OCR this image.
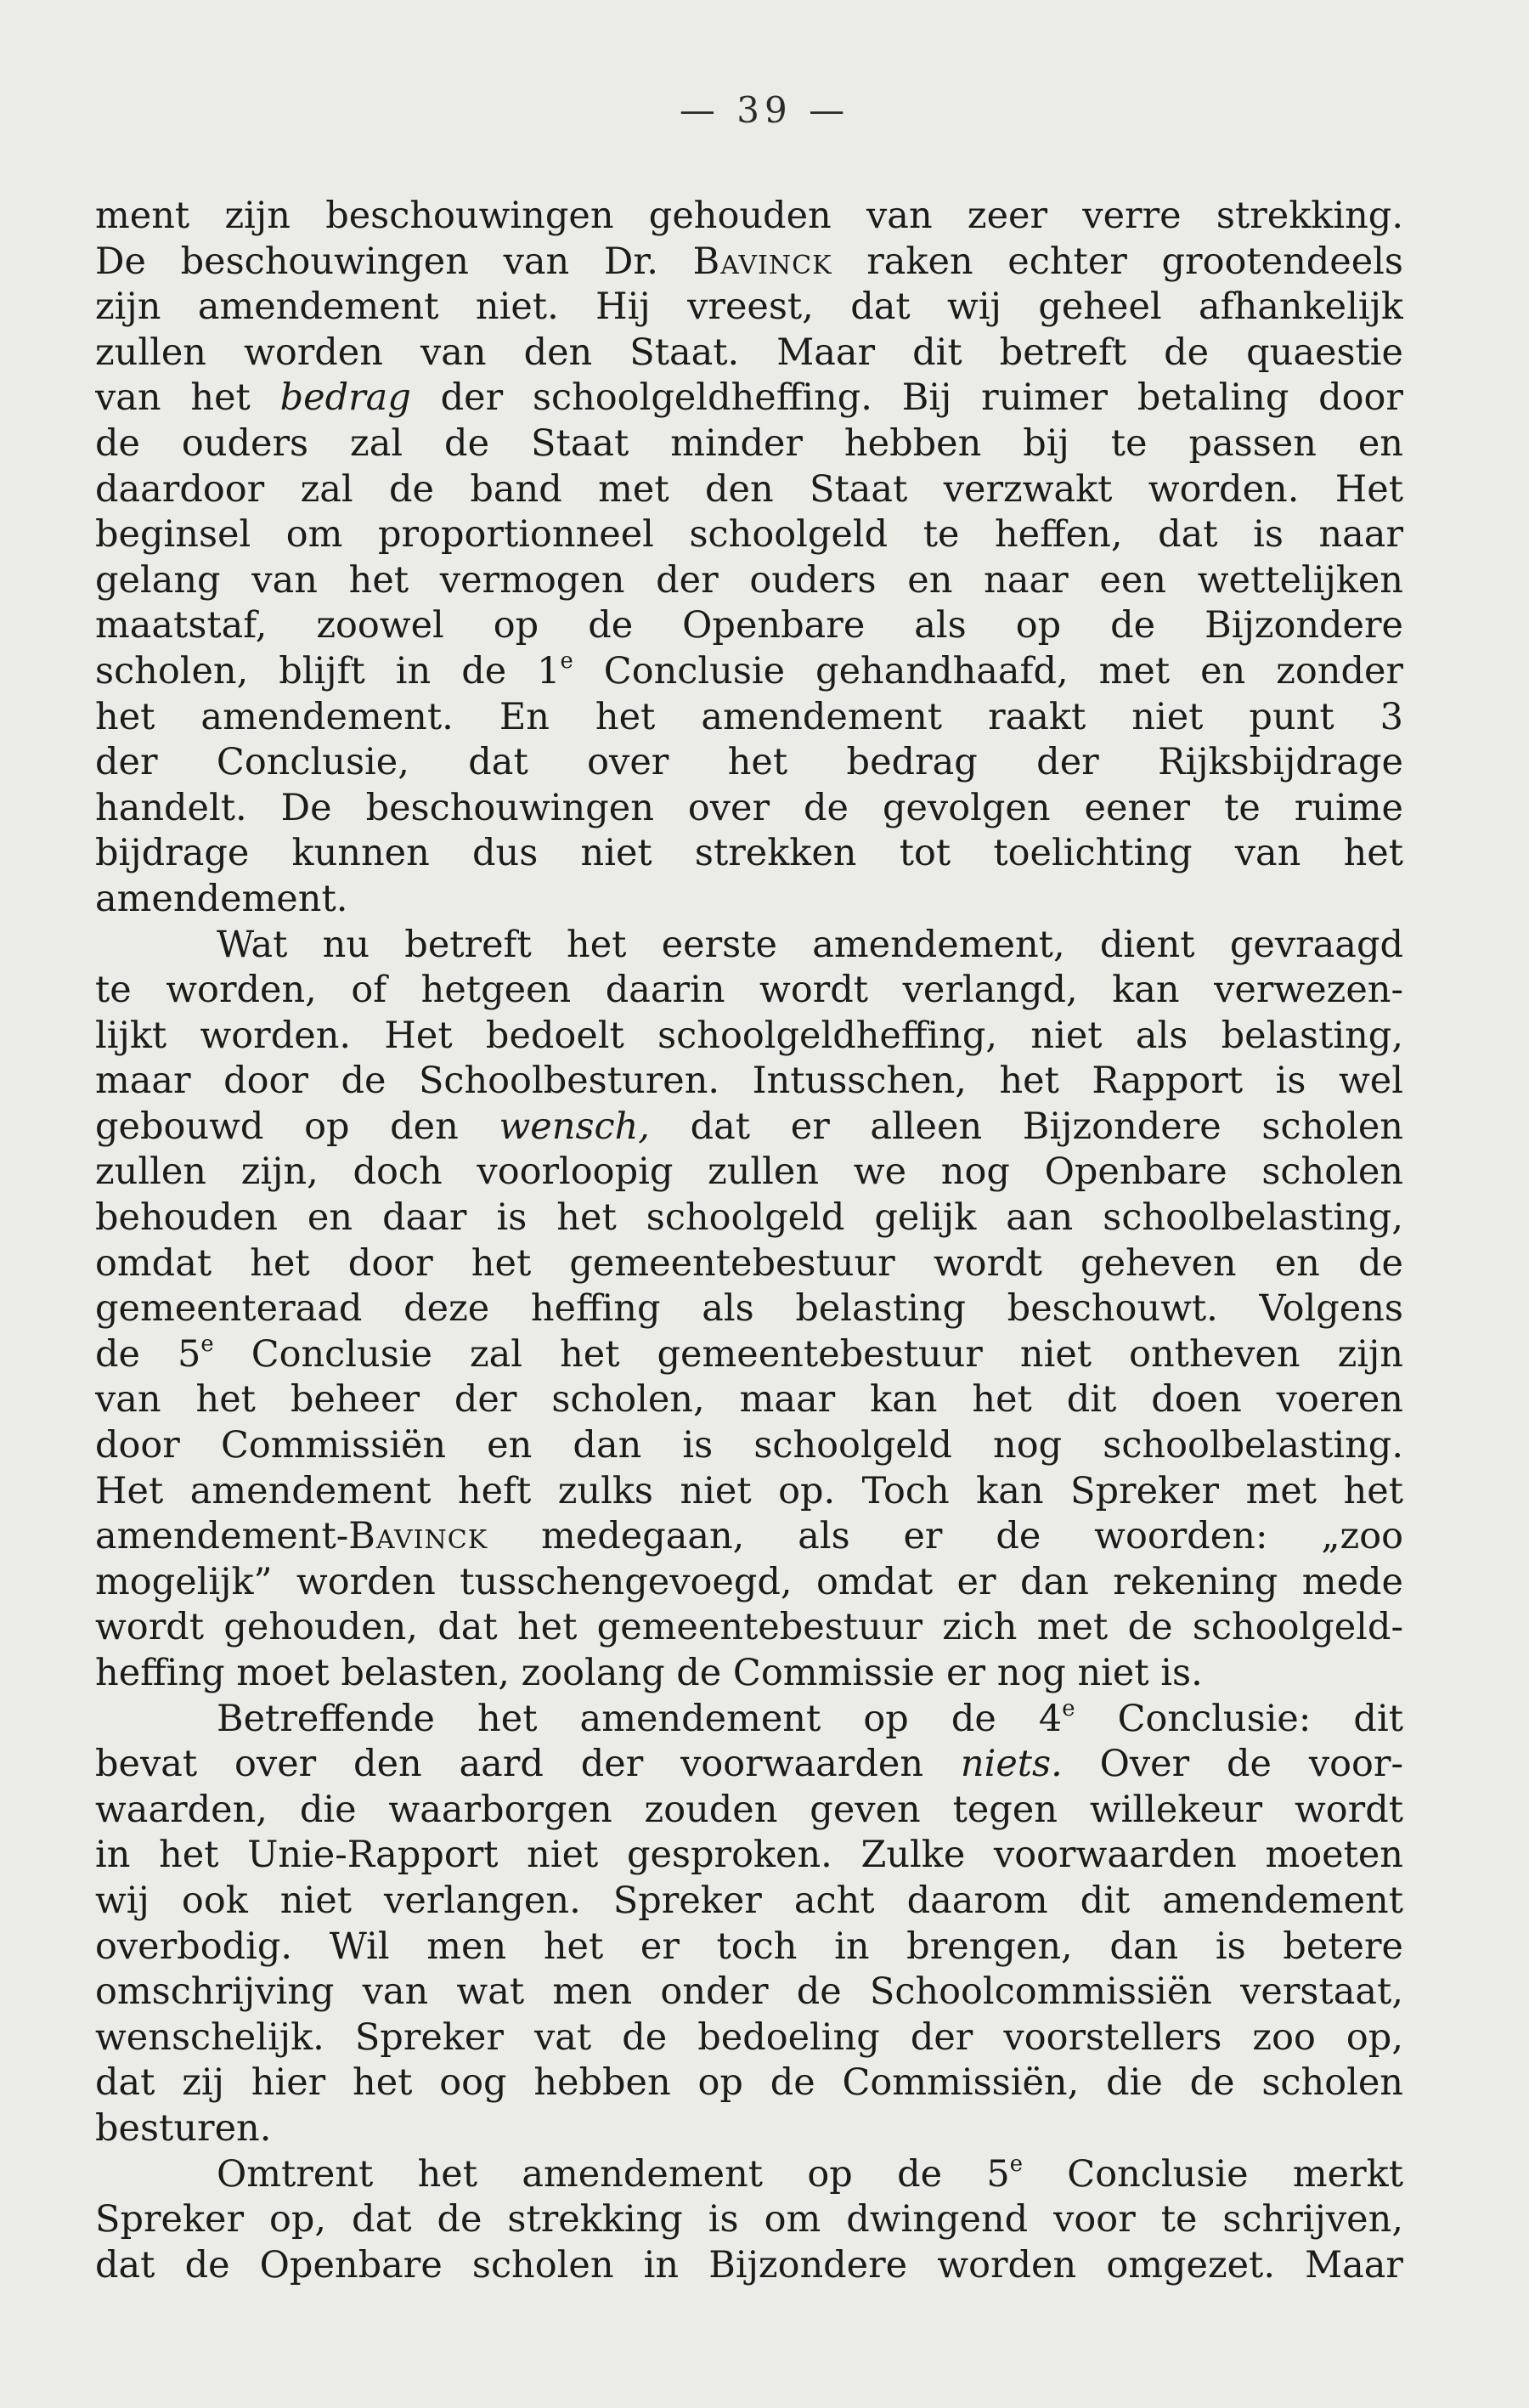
— 39 —
ment zijn beschouwingen gehouden van zeer verre strekking.
De beschouwingen van Dr. Bavinck raken echter grootendeels
zijn amendement niet. Hij vreest, dat wij geheel afhankelijk
zullen worden van den Staat. Maar dit betreft de quaestie
van het bedrag der schoolgeldheffing. Bij ruimer betaling door
de ouders zal de Staat minder hebben bij te passen en
daardoor zal de band met den Staat verzwakt worden. Het
beginsel om proportionneel schoolgeld te heffen, dat is naar
gelang van het vermogen der ouders en naar een wettelijken
maatstaf, zoowel op de Openbare als op de Bijzondere
scholen, blijft in de 1e Conclusie gehandhaafd, met en zonder
het amendement. En het amendement raakt niet punt 3
der Conclusie, dat over het bedrag der Rijksbijdrage
handelt. De beschouwingen over de gevolgen eener te ruime
bijdrage kunnen dus niet strekken tot toelichting van het
amendement.
Wat nu betreft het eerste amendement, dient gevraagd
te worden, of hetgeen daarin wordt verlangd, kan verwezen-
lijkt worden. Het bedoelt schoolgeldheffing, niet als belasting,
maar door de Schoolbesturen. Intusschen, het Rapport is wel
gebouwd op den wensch, dat er alleen Bijzondere scholen
zullen zijn, doch voorloopig zullen we nog Openbare scholen
behouden en daar is het schoolgeld gelijk aan schoolbelasting,
omdat het door het gemeentebestuur wordt geheven en de
gemeenteraad deze heffing als belasting beschouwt. Volgens
de 5e Conclusie zal het gemeentebestuur niet ontheven zijn
van het beheer der scholen, maar kan het dit doen voeren
door Commissiën en dan is schoolgeld nog schoolbelasting.
Het amendement heft zulks niet op. Toch kan Spreker met het
amendement-Bavinck medegaan, als er de woorden: „zoo
mogelijk” worden tusschengevoegd, omdat er dan rekening mede
wordt gehouden, dat het gemeentebestuur zich met de schoolgeld-
heffing moet belasten, zoolang de Commissie er nog niet is.
Betreffende het amendement op de 4e Conclusie: dit
bevat over den aard der voorwaarden niets. Over de voor-
waarden, die waarborgen zouden geven tegen willekeur wordt
in het Unie-Rapport niet gesproken. Zulke voorwaarden moeten
wij ook niet verlangen. Spreker acht daarom dit amendement
overbodig. Wil men het er toch in brengen, dan is betere
omschrijving van wat men onder de Schoolcommissiën verstaat,
wenschelijk. Spreker vat de bedoeling der voorstellers zoo op,
dat zij hier het oog hebben op de Commissiën, die de scholen
besturen.
Omtrent het amendement op de 5e Conclusie merkt
Spreker op, dat de strekking is om dwingend voor te schrijven,
dat de Openbare scholen in Bijzondere worden omgezet. Maar
